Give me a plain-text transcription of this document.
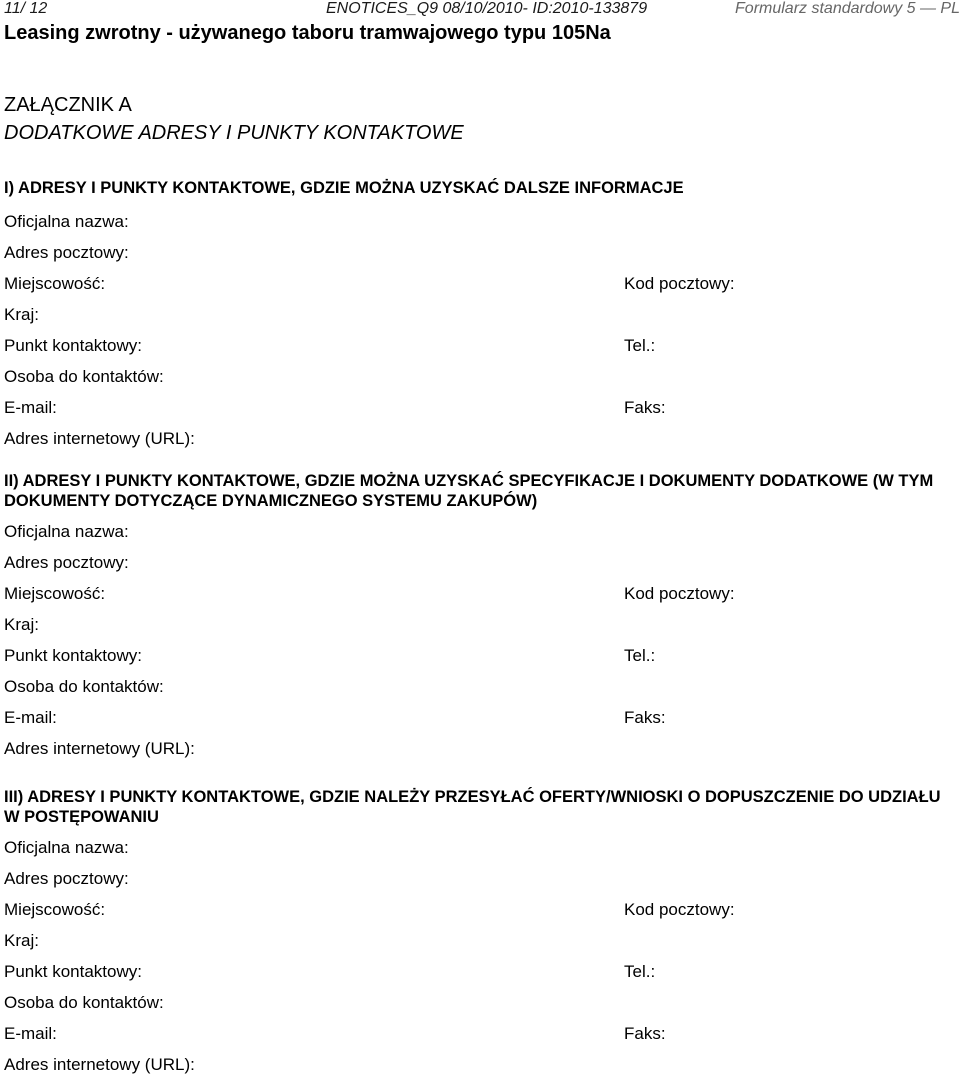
11/ 12	ENOTICES_Q9 08/10/2010- ID:2010-133879	Formularz standardowy 5 — PL
Leasing zwrotny - używanego taboru tramwajowego typu 105Na
ZAŁĄCZNIK A
DODATKOWE ADRESY I PUNKTY KONTAKTOWE

I) ADRESY I PUNKTY KONTAKTOWE, GDZIE MOŻNA UZYSKAĆ DALSZE INFORMACJE

Oficjalna nazwa:
Adres pocztowy:
Miejscowość:	Kod pocztowy:
Kraj:
Punkt kontaktowy:	Tel.:
Osoba do kontaktów:
E-mail:	Faks:
Adres internetowy (URL):

II) ADRESY I PUNKTY KONTAKTOWE, GDZIE MOŻNA UZYSKAĆ SPECYFIKACJE I DOKUMENTY DODATKOWE (W TYM DOKUMENTY DOTYCZĄCE DYNAMICZNEGO SYSTEMU ZAKUPÓW)

Oficjalna nazwa:
Adres pocztowy:
Miejscowość:	Kod pocztowy:
Kraj:
Punkt kontaktowy:	Tel.:
Osoba do kontaktów:
E-mail:	Faks:
Adres internetowy (URL):

III) ADRESY I PUNKTY KONTAKTOWE, GDZIE NALEŻY PRZESYŁAĆ OFERTY/WNIOSKI O DOPUSZCZENIE DO UDZIAŁU W POSTĘPOWANIU

Oficjalna nazwa:
Adres pocztowy:
Miejscowość:	Kod pocztowy:
Kraj:
Punkt kontaktowy:	Tel.:
Osoba do kontaktów:
E-mail:	Faks:
Adres internetowy (URL):
